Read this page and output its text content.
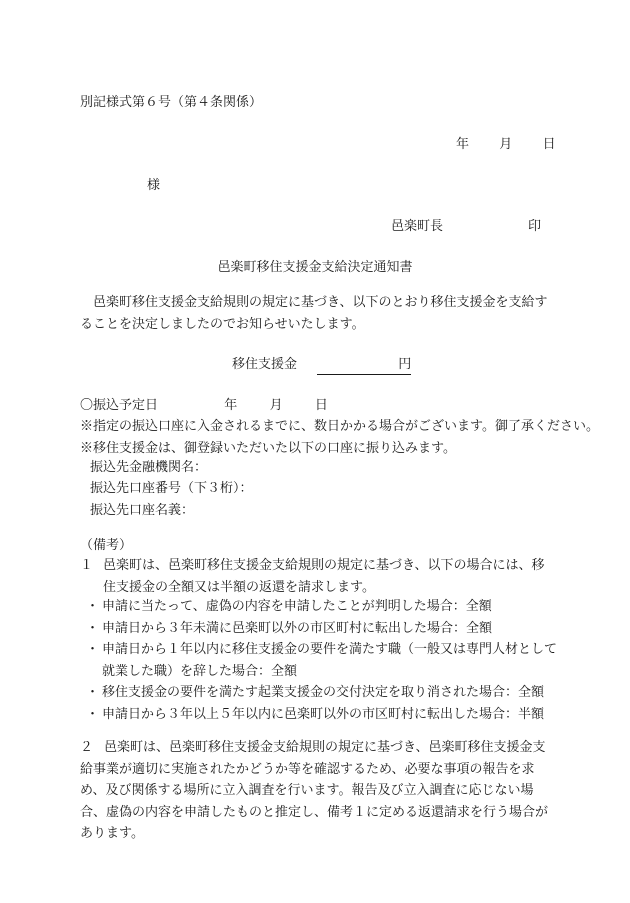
別記様式第６号（第４条関係）
年 月 日
様
邑楽町長	印
邑楽町移住支援金支給決定通知書
　邑楽町移住支援金支給規則の規定に基づき、以下のとおり移住支援金を支給することを決定しましたのでお知らせいたします。
移住支援金	円
〇振込予定日	年 月 日
※指定の振込口座に入金されるまでに、数日かかる場合がございます。御了承ください。
※移住支援金は、御登録いただいた以下の口座に振り込みます。
振込先金融機関名：
振込先口座番号（下３桁）：
振込先口座名義：
（備考）
１ 邑楽町は、邑楽町移住支援金支給規則の規定に基づき、以下の場合には、移住支援金の全額又は半額の返還を請求します。
・ 申請に当たって、虚偽の内容を申請したことが判明した場合：全額
・ 申請日から３年未満に邑楽町以外の市区町村に転出した場合：全額
・ 申請日から１年以内に移住支援金の要件を満たす職（一般又は専門人材として就業した職）を辞した場合：全額
・ 移住支援金の要件を満たす起業支援金の交付決定を取り消された場合：全額
・ 申請日から３年以上５年以内に邑楽町以外の市区町村に転出した場合：半額
２ 邑楽町は、邑楽町移住支援金支給規則の規定に基づき、邑楽町移住支援金支給事業が適切に実施されたかどうか等を確認するため、必要な事項の報告を求め、及び関係する場所に立入調査を行います。報告及び立入調査に応じない場合、虚偽の内容を申請したものと推定し、備考１に定める返還請求を行う場合があります。
